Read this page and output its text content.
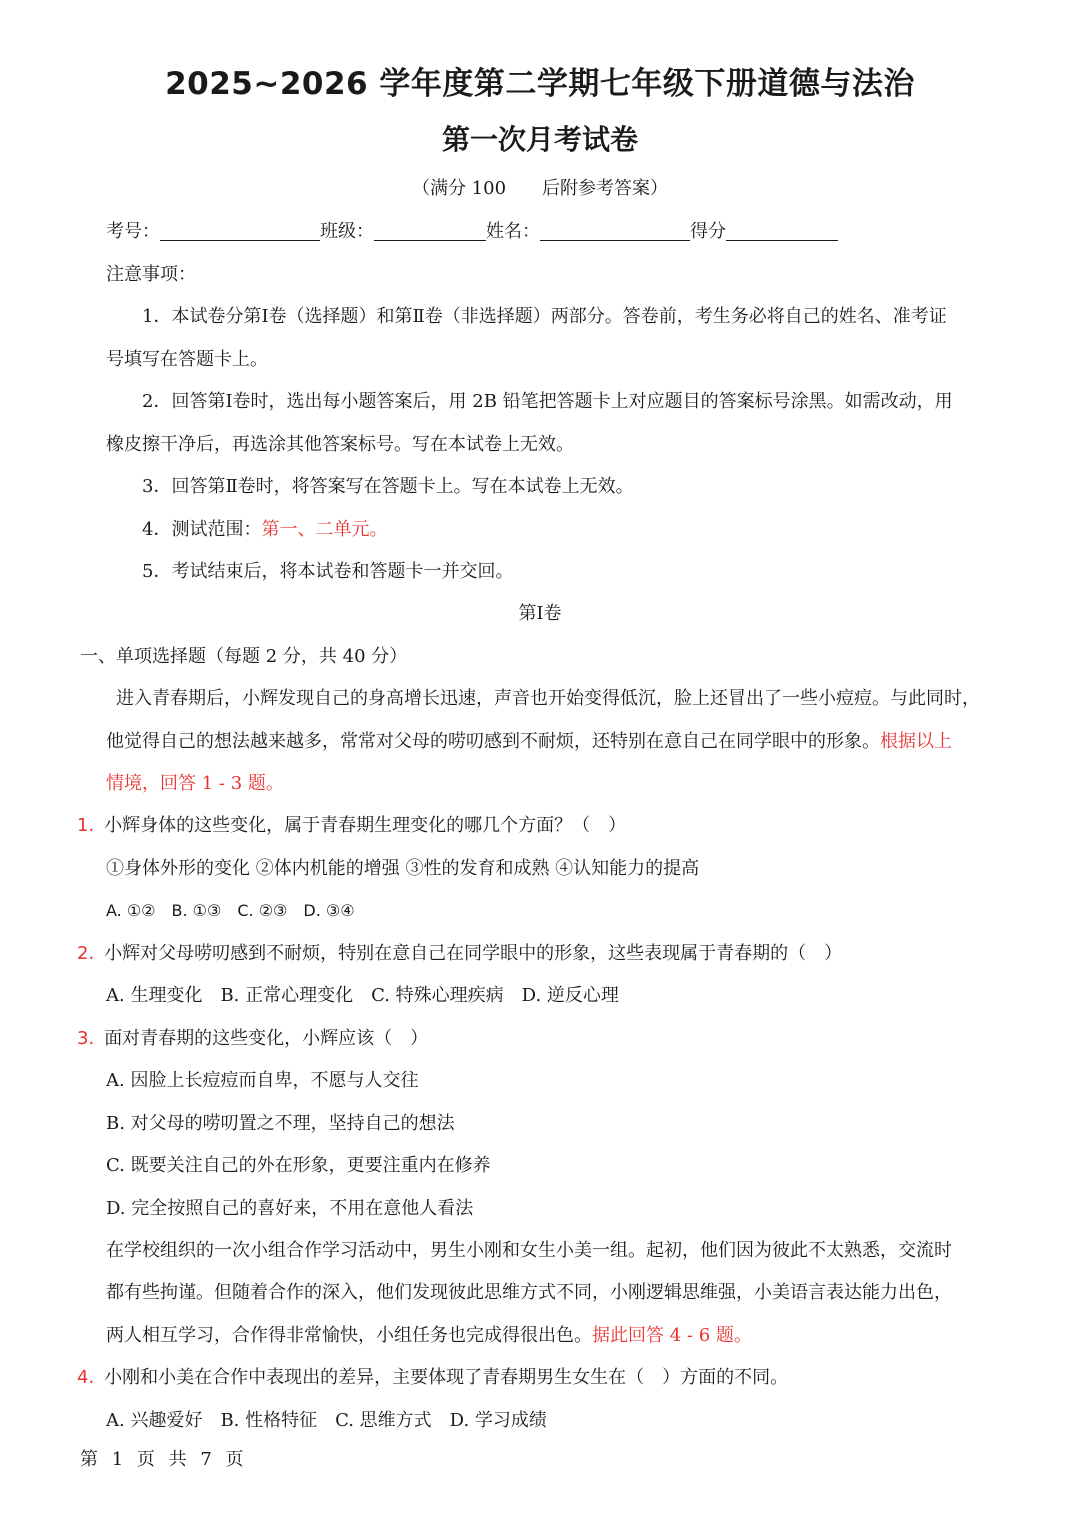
2025~2026 学年度第二学期七年级下册道德与法治
第一次月考试卷
（满分 100　　后附参考答案）
考号：	班级：	姓名：	得分
注意事项：
1．本试卷分第Ⅰ卷（选择题）和第Ⅱ卷（非选择题）两部分。答卷前，考生务必将自己的姓名、准考证
号填写在答题卡上。
2．回答第Ⅰ卷时，选出每小题答案后，用 2B 铅笔把答题卡上对应题目的答案标号涂黑。如需改动，用
橡皮擦干净后，再选涂其他答案标号。写在本试卷上无效。
3．回答第Ⅱ卷时，将答案写在答题卡上。写在本试卷上无效。
4．测试范围：第一、二单元。
5．考试结束后，将本试卷和答题卡一并交回。
第Ⅰ卷
一、单项选择题（每题 2 分，共 40 分）
进入青春期后，小辉发现自己的身高增长迅速，声音也开始变得低沉，脸上还冒出了一些小痘痘。与此同时，
他觉得自己的想法越来越多，常常对父母的唠叨感到不耐烦，还特别在意自己在同学眼中的形象。根据以上
情境，回答 1 - 3 题。
1. 小辉身体的这些变化，属于青春期生理变化的哪几个方面？（　）
①身体外形的变化 ②体内机能的增强 ③性的发育和成熟 ④认知能力的提高
A. ①②　B. ①③　C. ②③　D. ③④
2. 小辉对父母唠叨感到不耐烦，特别在意自己在同学眼中的形象，这些表现属于青春期的（　）
A. 生理变化　B. 正常心理变化　C. 特殊心理疾病　D. 逆反心理
3. 面对青春期的这些变化，小辉应该（　）
A. 因脸上长痘痘而自卑，不愿与人交往
B. 对父母的唠叨置之不理，坚持自己的想法
C. 既要关注自己的外在形象，更要注重内在修养
D. 完全按照自己的喜好来，不用在意他人看法
在学校组织的一次小组合作学习活动中，男生小刚和女生小美一组。起初，他们因为彼此不太熟悉，交流时
都有些拘谨。但随着合作的深入，他们发现彼此思维方式不同，小刚逻辑思维强，小美语言表达能力出色，
两人相互学习，合作得非常愉快，小组任务也完成得很出色。据此回答 4 - 6 题。
4. 小刚和小美在合作中表现出的差异，主要体现了青春期男生女生在（　）方面的不同。
A. 兴趣爱好　B. 性格特征　C. 思维方式　D. 学习成绩
第 1 页 共 7 页
